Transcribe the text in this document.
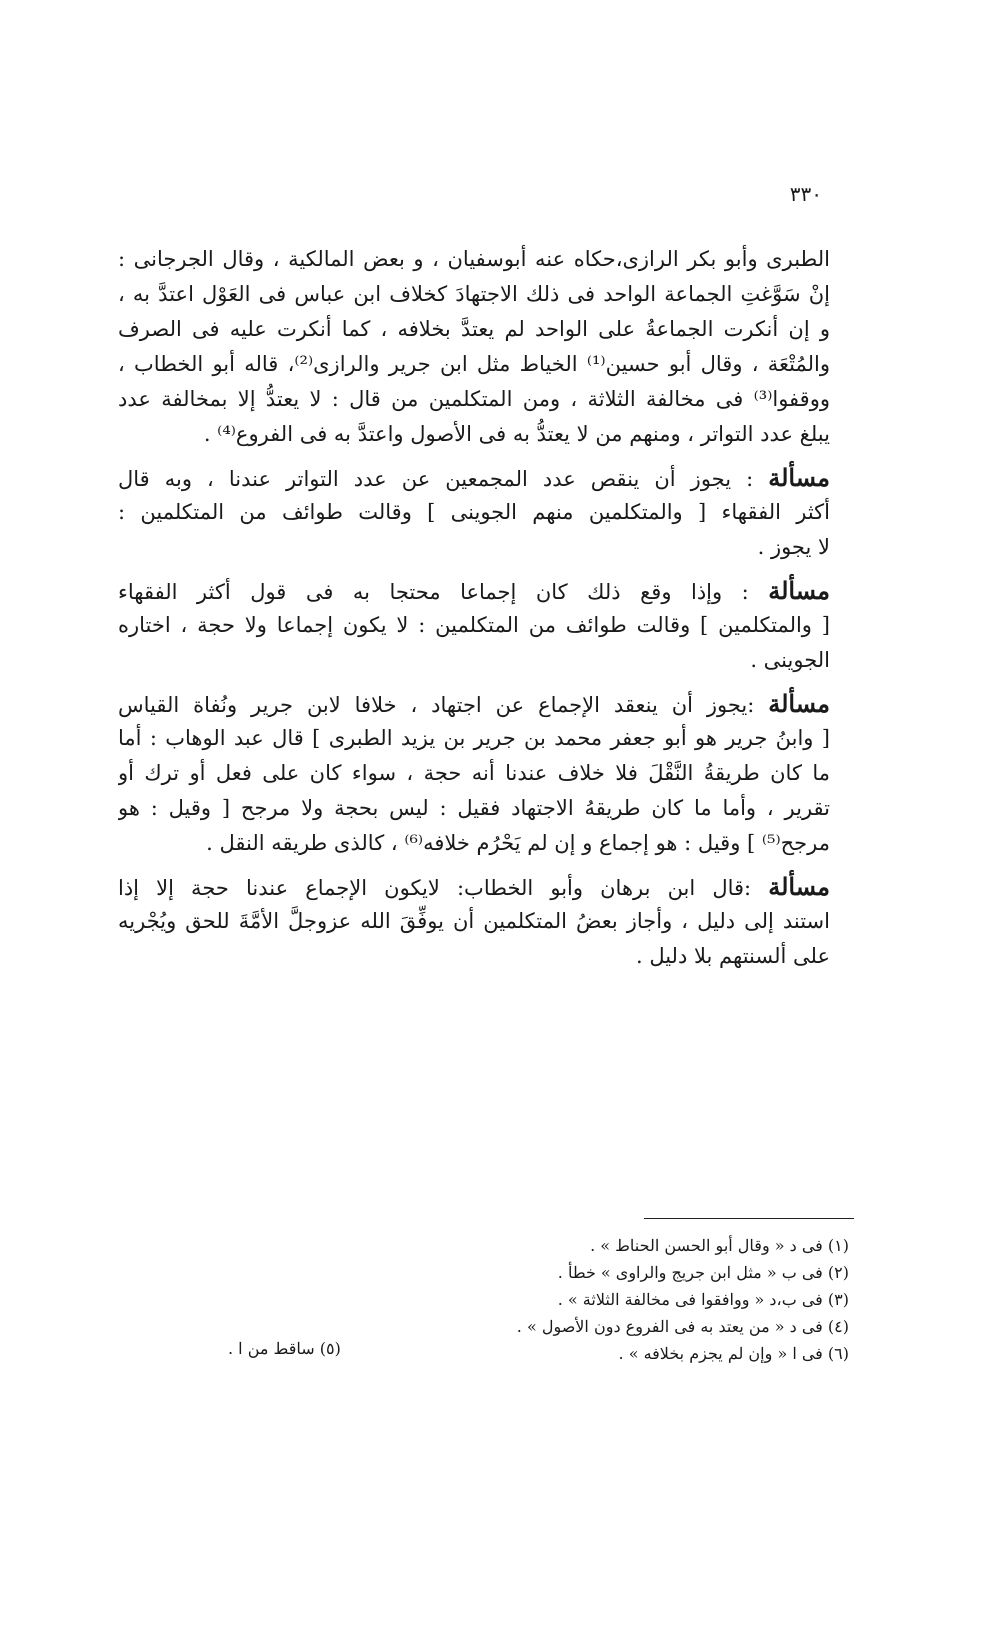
٣٣٠
الطبرى وأبو بكر الرازى،حكاه عنه أبوسفيان ، و بعض المالكية ، وقال الجرجانى :
إنْ سَوَّغتِ الجماعة الواحد فى ذلك الاجتهادَ كخلاف ابن عباس فى العَوْل اعتدَّ به ،
و إن أنكرت الجماعةُ على الواحد لم يعتدَّ بخلافه ، كما أنكرت عليه فى الصرف
والمُتْعَة ، وقال أبو حسين⁽¹⁾ الخياط مثل ابن جرير والرازى⁽²⁾، قاله أبو الخطاب ،
ووقفوا⁽³⁾ فى مخالفة الثلاثة ، ومن المتكلمين من قال : لا يعتدُّ إلا بمخالفة عدد
يبلغ عدد التواتر ، ومنهم من لا يعتدُّ به فى الأصول واعتدَّ به فى الفروع⁽⁴⁾ .
مسألة : يجوز أن ينقص عدد المجمعين عن عدد التواتر عندنا ، وبه قال
أكثر الفقهاء [ والمتكلمين منهم الجوينى ] وقالت طوائف من المتكلمين :
لا يجوز .
مسألة : وإذا وقع ذلك كان إجماعا محتجا به فى قول أكثر الفقهاء
[ والمتكلمين ] وقالت طوائف من المتكلمين : لا يكون إجماعا ولا حجة ، اختاره
الجوينى .
مسألة :يجوز أن ينعقد الإجماع عن اجتهاد ، خلافا لابن جرير ونُفاة القياس
[ وابنُ جرير هو أبو جعفر محمد بن جرير بن يزيد الطبرى ] قال عبد الوهاب : أما
ما كان طريقةُ النَّقْلَ فلا خلاف عندنا أنه حجة ، سواء كان على فعل أو ترك أو
تقرير ، وأما ما كان طريقهُ الاجتهاد فقيل : ليس بحجة ولا مرجح [ وقيل : هو
مرجح⁽⁵⁾ ] وقيل : هو إجماع و إن لم يَحْرُم خلافه⁽⁶⁾ ، كالذى طريقه النقل .
مسألة :قال ابن برهان وأبو الخطاب: لايكون الإجماع عندنا حجة إلا إذا
استند إلى دليل ، وأجاز بعضُ المتكلمين أن يوفِّقَ الله عزوجلَّ الأمَّةَ للحق ويُجْريه
على ألسنتهم بلا دليل .
(١) فى د « وقال أبو الحسن الحناط » .
(٢) فى ب « مثل ابن جريج والراوى » خطأ .
(٣) فى ب،د « ووافقوا فى مخالفة الثلاثة » .
(٤) فى د « من يعتد به فى الفروع دون الأصول » .
(٦) فى ا « وإن لم يجزم بخلافه » .
(٥) ساقط من ا .
